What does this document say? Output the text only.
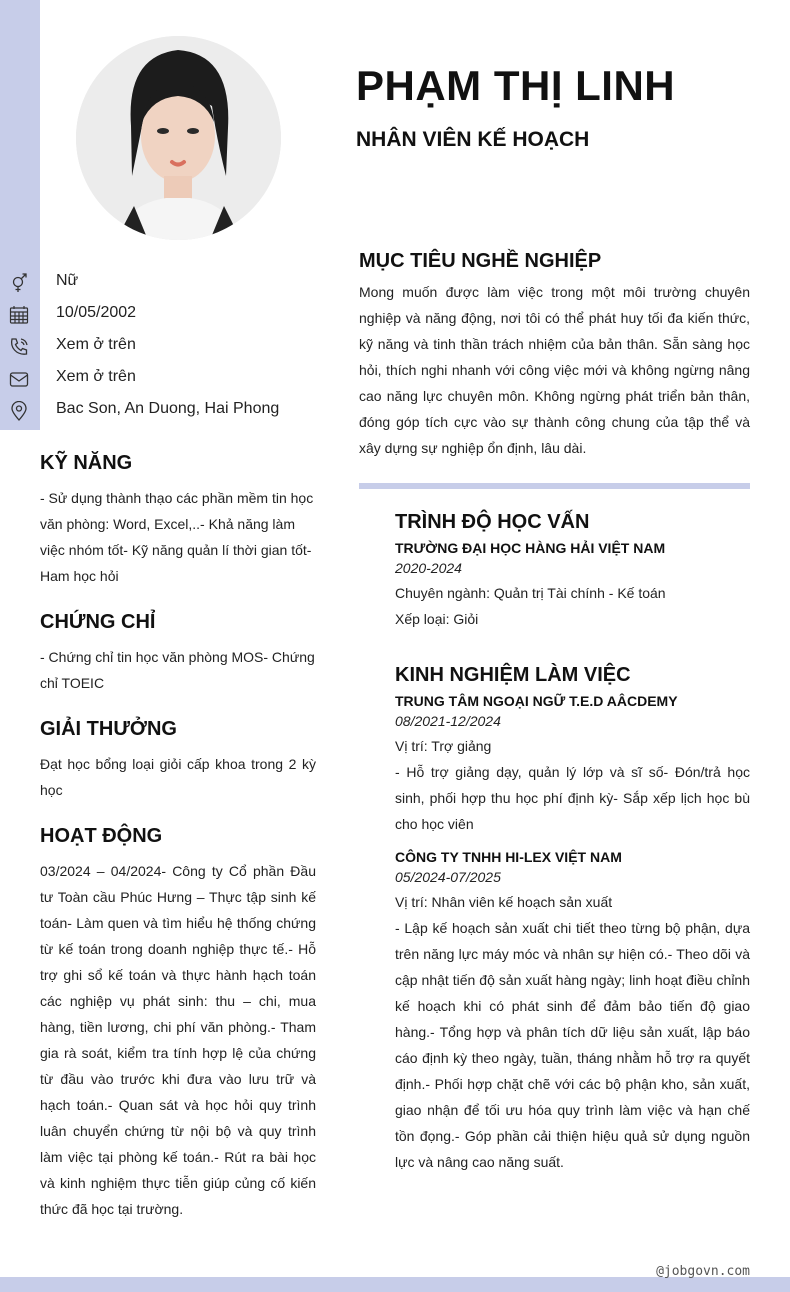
PHẠM THỊ LINH
NHÂN VIÊN KẾ HOẠCH
Nữ
10/05/2002
Xem ở trên
Xem ở trên
Bac Son, An Duong, Hai Phong
KỸ NĂNG

- Sử dụng thành thạo các phần mềm tin học văn phòng: Word, Excel,..- Khả năng làm việc nhóm tốt- Kỹ năng quản lí thời gian tốt- Ham học hỏi

CHỨNG CHỈ

- Chứng chỉ tin học văn phòng MOS- Chứng chỉ TOEIC

GIẢI THƯỞNG

Đạt học bổng loại giỏi cấp khoa trong 2 kỳ học

HOẠT ĐỘNG

03/2024 – 04/2024- Công ty Cổ phần Đầu tư Toàn cầu Phúc Hưng – Thực tập sinh kế toán- Làm quen và tìm hiểu hệ thống chứng từ kế toán trong doanh nghiệp thực tế.- Hỗ trợ ghi sổ kế toán và thực hành hạch toán các nghiệp vụ phát sinh: thu – chi, mua hàng, tiền lương, chi phí văn phòng.- Tham gia rà soát, kiểm tra tính hợp lệ của chứng từ đầu vào trước khi đưa vào lưu trữ và hạch toán.- Quan sát và học hỏi quy trình luân chuyển chứng từ nội bộ và quy trình làm việc tại phòng kế toán.- Rút ra bài học và kinh nghiệm thực tiễn giúp củng cố kiến thức đã học tại trường.

MỤC TIÊU NGHỀ NGHIỆP

Mong muốn được làm việc trong một môi trường chuyên nghiệp và năng động, nơi tôi có thể phát huy tối đa kiến thức, kỹ năng và tinh thần trách nhiệm của bản thân. Sẵn sàng học hỏi, thích nghi nhanh với công việc mới và không ngừng nâng cao năng lực chuyên môn. Không ngừng phát triển bản thân, đóng góp tích cực vào sự thành công chung của tập thể và xây dựng sự nghiệp ổn định, lâu dài.

TRÌNH ĐỘ HỌC VẤN

TRƯỜNG ĐẠI HỌC HÀNG HẢI VIỆT NAM

2020-2024

Chuyên ngành: Quản trị Tài chính - Kế toán

Xếp loại: Giỏi

KINH NGHIỆM LÀM VIỆC

TRUNG TÂM NGOẠI NGỮ T.E.D AÂCDEMY

08/2021-12/2024

Vị trí: Trợ giảng

- Hỗ trợ giảng dạy, quản lý lớp và sĩ số- Đón/trả học sinh, phối hợp thu học phí định kỳ- Sắp xếp lịch học bù cho học viên

CÔNG TY TNHH HI-LEX VIỆT NAM

05/2024-07/2025

Vị trí: Nhân viên kế hoạch sản xuất

- Lập kế hoạch sản xuất chi tiết theo từng bộ phận, dựa trên năng lực máy móc và nhân sự hiện có.- Theo dõi và cập nhật tiến độ sản xuất hàng ngày; linh hoạt điều chỉnh kế hoạch khi có phát sinh để đảm bảo tiến độ giao hàng.- Tổng hợp và phân tích dữ liệu sản xuất, lập báo cáo định kỳ theo ngày, tuần, tháng nhằm hỗ trợ ra quyết định.- Phối hợp chặt chẽ với các bộ phận kho, sản xuất, giao nhận để tối ưu hóa quy trình làm việc và hạn chế tồn đọng.- Góp phần cải thiện hiệu quả sử dụng nguồn lực và nâng cao năng suất.

@jobgovn.com
